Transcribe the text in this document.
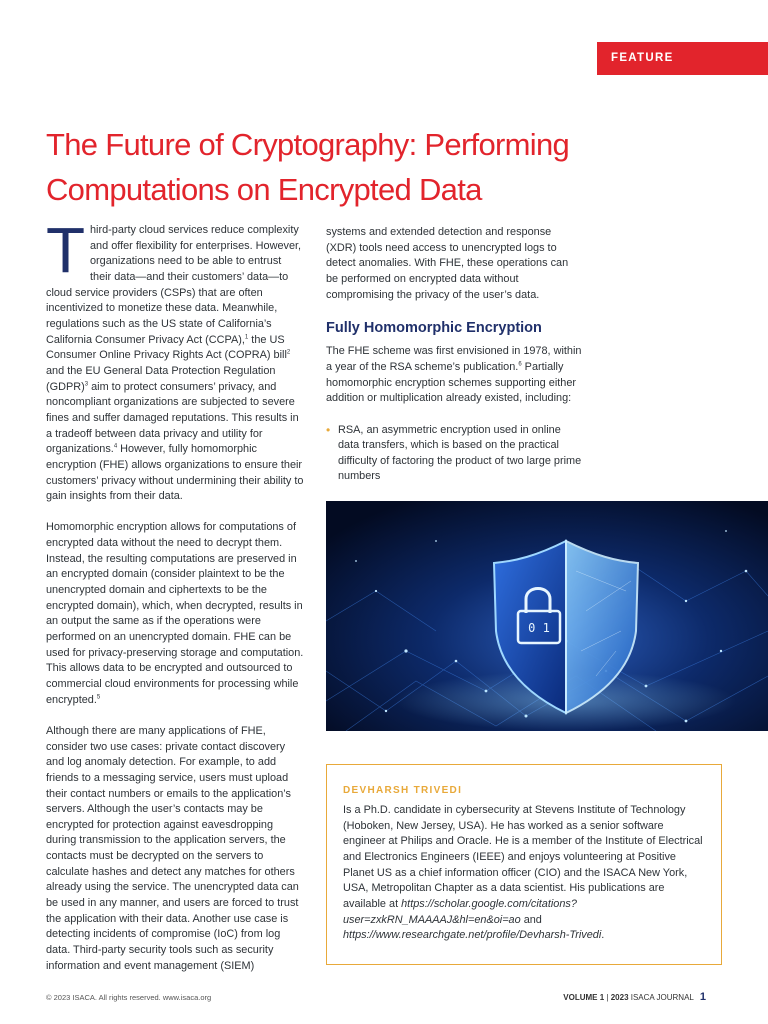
FEATURE
The Future of Cryptography: Performing Computations on Encrypted Data

Third-party cloud services reduce complexity and offer flexibility for enterprises. However, organizations need to be able to entrust their data—and their customers’ data—to cloud service providers (CSPs) that are often incentivized to monetize these data. Meanwhile, regulations such as the US state of California’s California Consumer Privacy Act (CCPA),$^1$ the US Consumer Online Privacy Rights Act (COPRA) bill$^2$ and the EU General Data Protection Regulation (GDPR)$^3$ aim to protect consumers’ privacy, and noncompliant organizations are subjected to severe fines and suffer damaged reputations. This results in a tradeoff between data privacy and utility for organizations.$^4$ However, fully homomorphic encryption (FHE) allows organizations to ensure their customers’ privacy without undermining their ability to gain insights from their data.

Homomorphic encryption allows for computations of encrypted data without the need to decrypt them. Instead, the resulting computations are preserved in an encrypted domain (consider plaintext to be the unencrypted domain and ciphertexts to be the encrypted domain), which, when decrypted, results in an output the same as if the operations were performed on an unencrypted domain. FHE can be used for privacy-preserving storage and computation. This allows data to be encrypted and outsourced to commercial cloud environments for processing while encrypted.$^5$

Although there are many applications of FHE, consider two use cases: private contact discovery and log anomaly detection. For example, to add friends to a messaging service, users must upload their contact numbers or emails to the application’s servers. Although the user’s contacts may be encrypted for protection against eavesdropping during transmission to the application servers, the contacts must be decrypted on the servers to calculate hashes and detect any matches for others already using the service. The unencrypted data can be used in any manner, and users are forced to trust the application with their data. Another use case is detecting incidents of compromise (IoC) from log data. Third-party security tools such as security information and event management (SIEM)

systems and extended detection and response (XDR) tools need access to unencrypted logs to detect anomalies. With FHE, these operations can be performed on encrypted data without compromising the privacy of the user’s data.

Fully Homomorphic Encryption

The FHE scheme was first envisioned in 1978, within a year of the RSA scheme’s publication.$^6$ Partially homomorphic encryption schemes supporting either addition or multiplication already existed, including:

• RSA, an asymmetric encryption used in online data transfers, which is based on the practical difficulty of factoring the product of two large prime numbers
0 1
DEVHARSH TRIVEDI

Is a Ph.D. candidate in cybersecurity at Stevens Institute of Technology (Hoboken, New Jersey, USA). He has worked as a senior software engineer at Philips and Oracle. He is a member of the Institute of Electrical and Electronics Engineers (IEEE) and enjoys volunteering at Positive Planet US as a chief information officer (CIO) and the ISACA New York, USA, Metropolitan Chapter as a data scientist. His publications are available at https://scholar.google.com/citations?user=zxkRN_MAAAAJ&hl=en&oi=ao and https://www.researchgate.net/profile/Devharsh-Trivedi.

© 2023 ISACA. All rights reserved. www.isaca.org	VOLUME 1 | 2023 ISACA JOURNAL 1
